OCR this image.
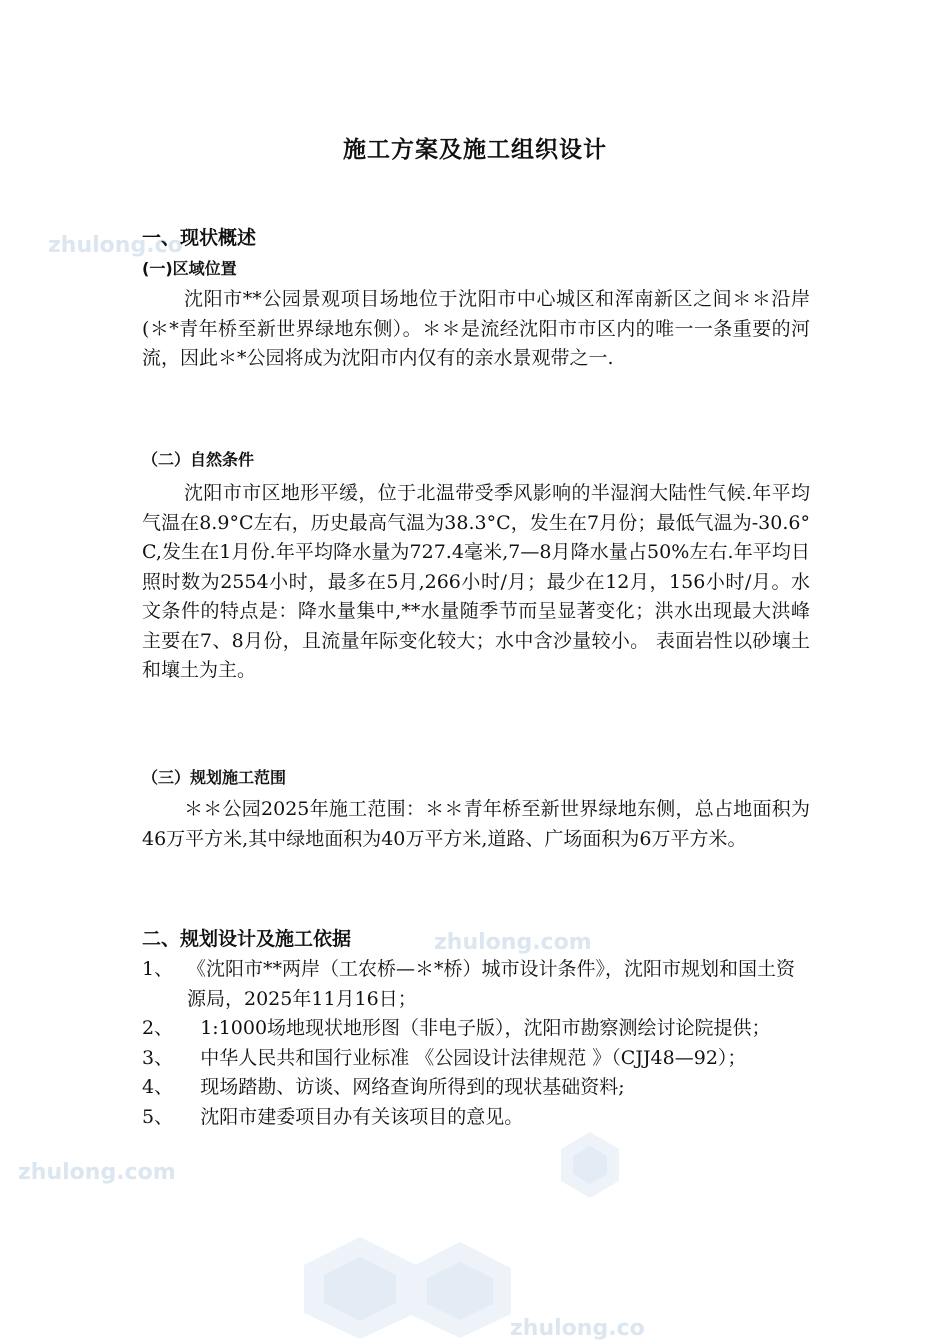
zhulong.co
zhulong.com
zhulong.com
zhulong.co
施工方案及施工组织设计
一、现状概述
(一)区域位置
沈阳市**公园景观项目场地位于沈阳市中心城区和浑南新区之间＊＊沿岸(＊*青年桥至新世界绿地东侧）。＊＊是流经沈阳市市区内的唯一一条重要的河流，因此＊*公园将成为沈阳市内仅有的亲水景观带之一.
（二）自然条件
沈阳市市区地形平缓，位于北温带受季风影响的半湿润大陆性气候.年平均气温在8.9°C左右，历史最高气温为38.3°C，发生在7月份；最低气温为-30.6°C,发生在1月份.年平均降水量为727.4毫米,7—8月降水量占50%左右.年平均日照时数为2554小时，最多在5月,266小时/月；最少在12月，156小时/月。水文条件的特点是：降水量集中,**水量随季节而呈显著变化；洪水出现最大洪峰主要在7、8月份，且流量年际变化较大；水中含沙量较小。 表面岩性以砂壤土和壤土为主。
（三）规划施工范围
＊＊公园2025年施工范围：＊＊青年桥至新世界绿地东侧，总占地面积为46万平方米,其中绿地面积为40万平方米,道路、广场面积为6万平方米。
二、规划设计及施工依据
1、 《沈阳市**两岸（工农桥—＊*桥）城市设计条件》，沈阳市规划和国土资源局，2025年11月16日；
2、
1:1000场地现状地形图（非电子版），沈阳市勘察测绘讨论院提供；
3、
中华人民共和国行业标准 《公园设计法律规范 》（CJJ48—92）；
4、
现场踏勘、访谈、网络查询所得到的现状基础资料;
5、
沈阳市建委项目办有关该项目的意见。
